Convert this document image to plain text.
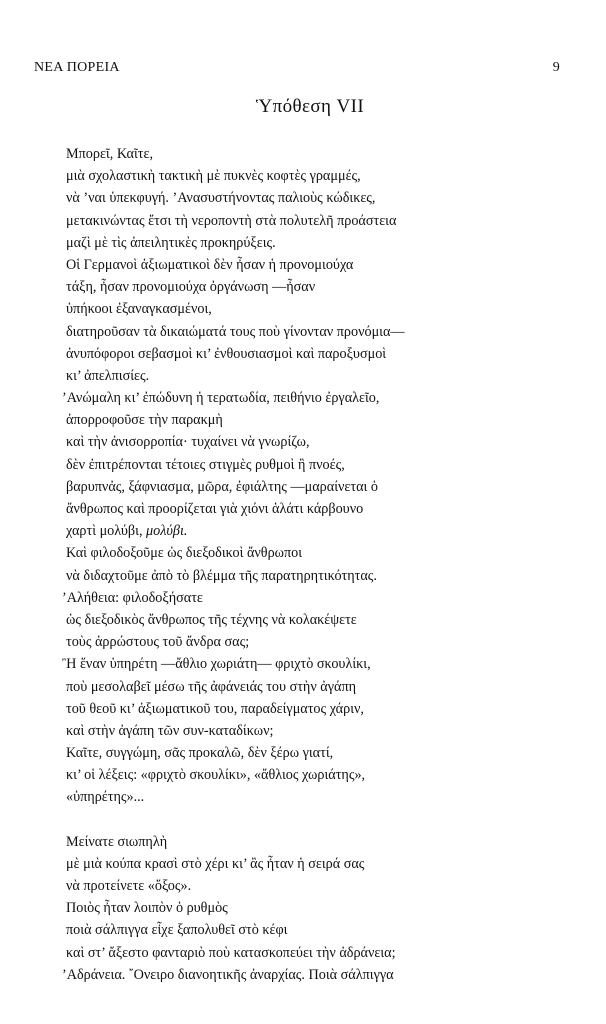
ΝΕΑ ΠΟΡΕΙΑ	9
Ὑπόθεση VII
Μπορεῖ, Καῖτε,
μιὰ σχολαστικὴ τακτικὴ μὲ πυκνὲς κοφτὲς γραμμές,
νὰ ’ναι ὑπεκφυγή. ’Ανασυστήνοντας παλιοὺς κώδικες,
μετακινώντας ἔτσι τὴ νεροποντὴ στὰ πολυτελῆ προάστεια
μαζὶ μὲ τὶς ἀπειλητικὲς προκηρύξεις.
Οἱ Γερμανοὶ ἀξιωματικοὶ δὲν ἦσαν ἡ προνομιούχα
τάξη, ἦσαν προνομιούχα ὀργάνωση —ἦσαν
ὑπήκοοι ἐξαναγκασμένοι,
διατηροῦσαν τὰ δικαιώματά τους ποὺ γίνονταν προνόμια—
ἀνυπόφοροι σεβασμοὶ κι’ ἐνθουσιασμοὶ καὶ παροξυσμοὶ
κι’ ἀπελπισίες.
’Ανώμαλη κι’ ἐπώδυνη ἡ τερατωδία, πειθήνιο ἐργαλεῖο,
ἀπορροφοῦσε τὴν παρακμὴ
καὶ τὴν ἀνισορροπία· τυχαίνει νὰ γνωρίζω,
δὲν ἐπιτρέπονται τέτοιες στιγμὲς ρυθμοὶ ἢ πνοές,
βαρυπνἀς, ξάφνιασμα, μῶρα, ἐφιάλτης —μαραίνεται ὁ
ἄνθρωπος καὶ προορίζεται γιὰ χιόνι ἁλάτι κάρβουνο
χαρτὶ μολύβι, μολύβι.
Καὶ φιλοδοξοῦμε ὡς διεξοδικοὶ ἄνθρωποι
νὰ διδαχτοῦμε ἀπὸ τὸ βλέμμα τῆς παρατηρητικότητας.
’Αλήθεια: φιλοδοξήσατε
ὡς διεξοδικὸς ἄνθρωπος τῆς τέχνης νὰ κολακέψετε
τοὺς ἀρρώστους τοῦ ἄνδρα σας;
Ἢ ἕναν ὑπηρέτη —ἄθλιο χωριάτη— φριχτὸ σκουλίκι,
ποὺ μεσολαβεῖ μέσω τῆς ἀφάνειάς του στὴν ἀγάπη
τοῦ θεοῦ κι’ ἀξιωματικοῦ του, παραδείγματος χάριν,
καὶ στὴν ἀγάπη τῶν συν-καταδίκων;
Καῖτε, συγγώμη, σᾶς προκαλῶ, δὲν ξέρω γιατί,
κι’ οἱ λέξεις: «φριχτὸ σκουλίκι», «ἄθλιος χωριάτης»,
«ὑπηρέτης»...
Μείνατε σιωπηλὴ
μὲ μιὰ κούπα κρασὶ στὸ χέρι κι’ ἂς ἦταν ἡ σειρά σας
νὰ προτείνετε «ὄξος».
Ποιὸς ἦταν λοιπὸν ὁ ρυθμὸς
ποιὰ σάλπιγγα εἶχε ξαπολυθεῖ στὸ κέφι
καὶ στ’ ἄξεστο φανταριὸ ποὺ κατασκοπεύει τὴν ἀδράνεια;
’Αδράνεια. ῎Ονειρο διανοητικῆς ἀναρχίας. Ποιὰ σάλπιγγα
